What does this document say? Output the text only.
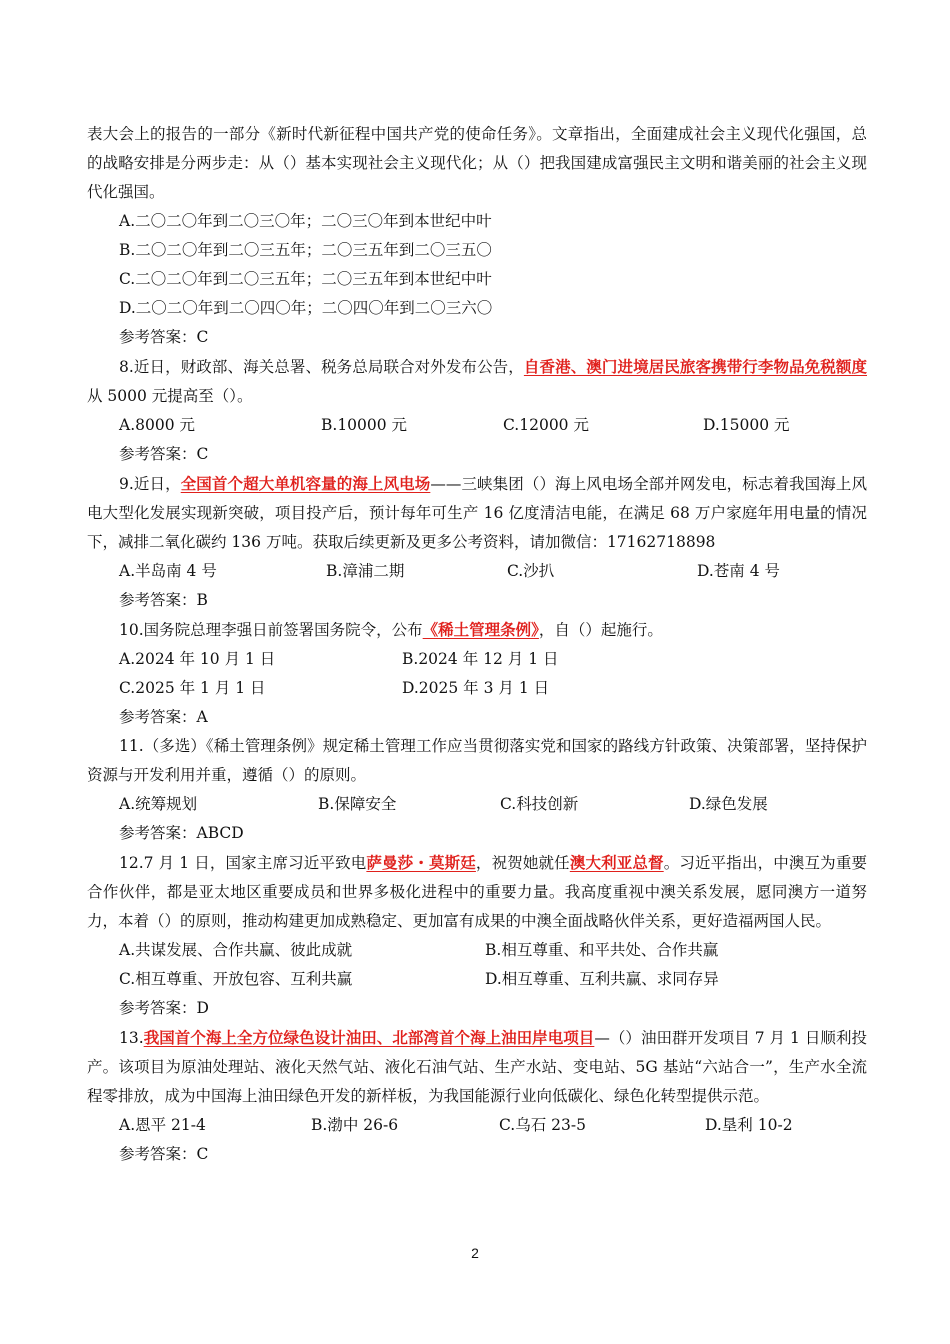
表大会上的报告的一部分《新时代新征程中国共产党的使命任务》。文章指出，全面建成社会主义现代化强国，总的战略安排是分两步走：从（）基本实现社会主义现代化；从（）把我国建成富强民主文明和谐美丽的社会主义现代化强国。

A.二〇二〇年到二〇三〇年；二〇三〇年到本世纪中叶

B.二〇二〇年到二〇三五年；二〇三五年到二〇三五〇

C.二〇二〇年到二〇三五年；二〇三五年到本世纪中叶

D.二〇二〇年到二〇四〇年；二〇四〇年到二〇三六〇

参考答案：C

8.近日，财政部、海关总署、税务总局联合对外发布公告，自香港、澳门进境居民旅客携带行李物品免税额度从 5000 元提高至（）。

A.8000 元	B.10000 元	C.12000 元	D.15000 元

参考答案：C

9.近日，全国首个超大单机容量的海上风电场——三峡集团（）海上风电场全部并网发电，标志着我国海上风电大型化发展实现新突破，项目投产后，预计每年可生产 16 亿度清洁电能，在满足 68 万户家庭年用电量的情况下，减排二氧化碳约 136 万吨。获取后续更新及更多公考资料，请加微信：17162718898

A.半岛南 4 号	B.漳浦二期	C.沙扒	D.苍南 4 号

参考答案：B

10.国务院总理李强日前签署国务院令，公布《稀土管理条例》，自（）起施行。

A.2024 年 10 月 1 日	B.2024 年 12 月 1 日
C.2025 年 1 月 1 日	D.2025 年 3 月 1 日

参考答案：A

11.（多选）《稀土管理条例》规定稀土管理工作应当贯彻落实党和国家的路线方针政策、决策部署，坚持保护资源与开发利用并重，遵循（）的原则。

A.统筹规划	B.保障安全	C.科技创新	D.绿色发展

参考答案：ABCD

12.7 月 1 日，国家主席习近平致电萨曼莎・莫斯廷，祝贺她就任澳大利亚总督。习近平指出，中澳互为重要合作伙伴，都是亚太地区重要成员和世界多极化进程中的重要力量。我高度重视中澳关系发展，愿同澳方一道努力，本着（）的原则，推动构建更加成熟稳定、更加富有成果的中澳全面战略伙伴关系，更好造福两国人民。

A.共谋发展、合作共赢、彼此成就	B.相互尊重、和平共处、合作共赢
C.相互尊重、开放包容、互利共赢	D.相互尊重、互利共赢、求同存异

参考答案：D

13.我国首个海上全方位绿色设计油田、北部湾首个海上油田岸电项目—（）油田群开发项目 7 月 1 日顺利投产。该项目为原油处理站、液化天然气站、液化石油气站、生产水站、变电站、5G 基站“六站合一”，生产水全流程零排放，成为中国海上油田绿色开发的新样板，为我国能源行业向低碳化、绿色化转型提供示范。

A.恩平 21-4	B.渤中 26-6	C.乌石 23-5	D.垦利 10-2

参考答案：C

2
